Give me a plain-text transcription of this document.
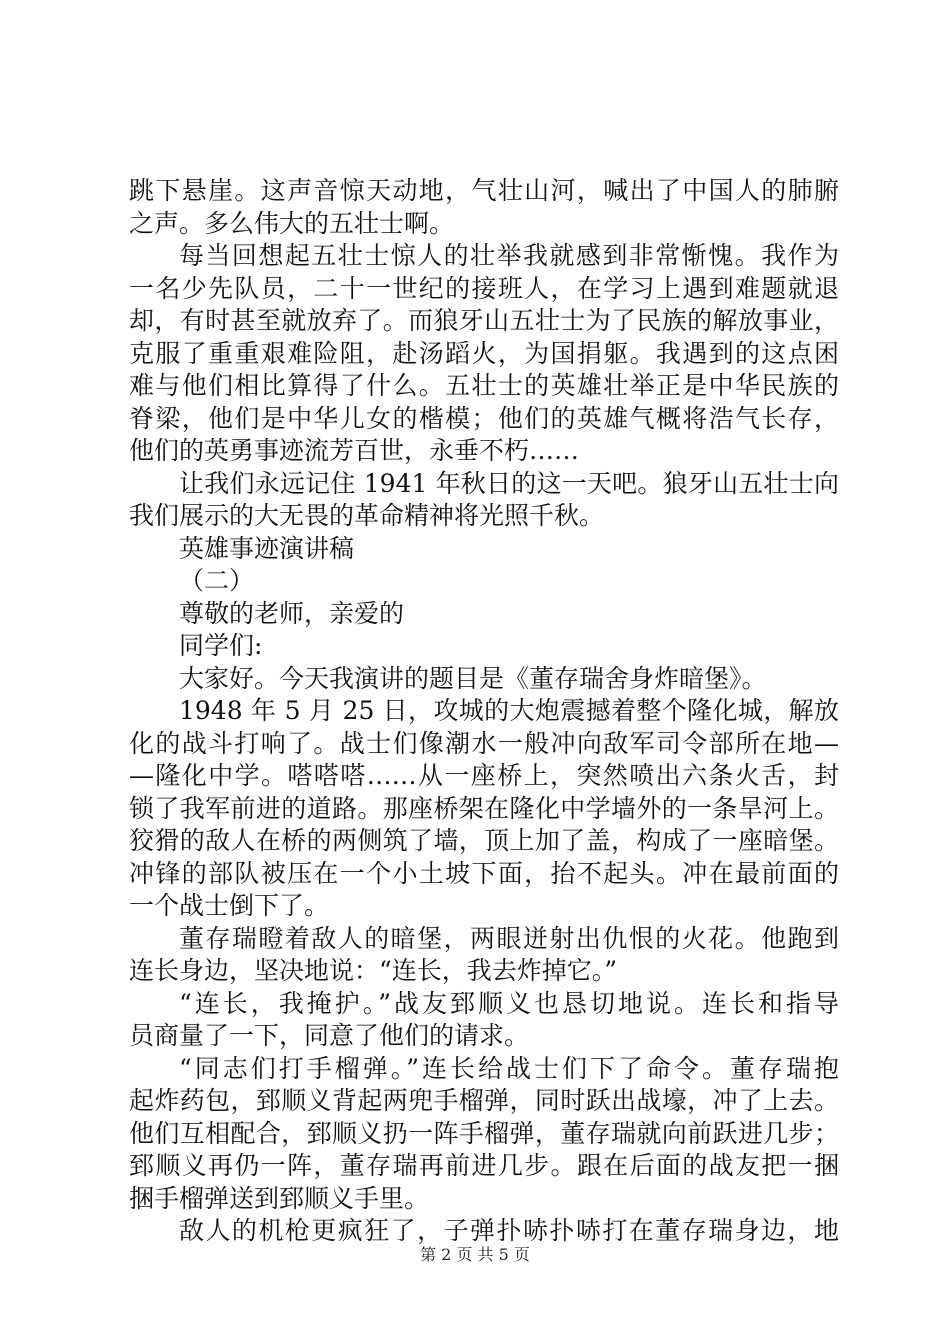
跳下悬崖。这声音惊天动地，气壮山河，喊出了中国人的肺腑
之声。多么伟大的五壮士啊。
每当回想起五壮士惊人的壮举我就感到非常惭愧。我作为
一名少先队员，二十一世纪的接班人，在学习上遇到难题就退
却，有时甚至就放弃了。而狼牙山五壮士为了民族的解放事业，
克服了重重艰难险阻，赴汤蹈火，为国捐躯。我遇到的这点困
难与他们相比算得了什么。五壮士的英雄壮举正是中华民族的
脊梁，他们是中华儿女的楷模；他们的英雄气概将浩气长存，
他们的英勇事迹流芳百世，永垂不朽……
让我们永远记住 1941 年秋日的这一天吧。狼牙山五壮士向
我们展示的大无畏的革命精神将光照千秋。
英雄事迹演讲稿
（二）
尊敬的老师，亲爱的
同学们:
大家好。今天我演讲的题目是《董存瑞舍身炸暗堡》。
1948 年 5 月 25 日，攻城的大炮震撼着整个隆化城，解放
化的战斗打响了。战士们像潮水一般冲向敌军司令部所在地—
—隆化中学。嗒嗒嗒……从一座桥上，突然喷出六条火舌，封
锁了我军前进的道路。那座桥架在隆化中学墙外的一条旱河上。
狡猾的敌人在桥的两侧筑了墙，顶上加了盖，构成了一座暗堡。
冲锋的部队被压在一个小土坡下面，抬不起头。冲在最前面的
一个战士倒下了。
董存瑞瞪着敌人的暗堡，两眼迸射出仇恨的火花。他跑到
连长身边，坚决地说：“连长，我去炸掉它。”
“连长，我掩护。”战友郅顺义也恳切地说。连长和指导
员商量了一下，同意了他们的请求。
“同志们打手榴弹。”连长给战士们下了命令。董存瑞抱
起炸药包，郅顺义背起两兜手榴弹，同时跃出战壕，冲了上去。
他们互相配合，郅顺义扔一阵手榴弹，董存瑞就向前跃进几步；
郅顺义再仍一阵，董存瑞再前进几步。跟在后面的战友把一捆
捆手榴弹送到郅顺义手里。
敌人的机枪更疯狂了，子弹扑哧扑哧打在董存瑞身边，地
第 2 页 共 5 页
